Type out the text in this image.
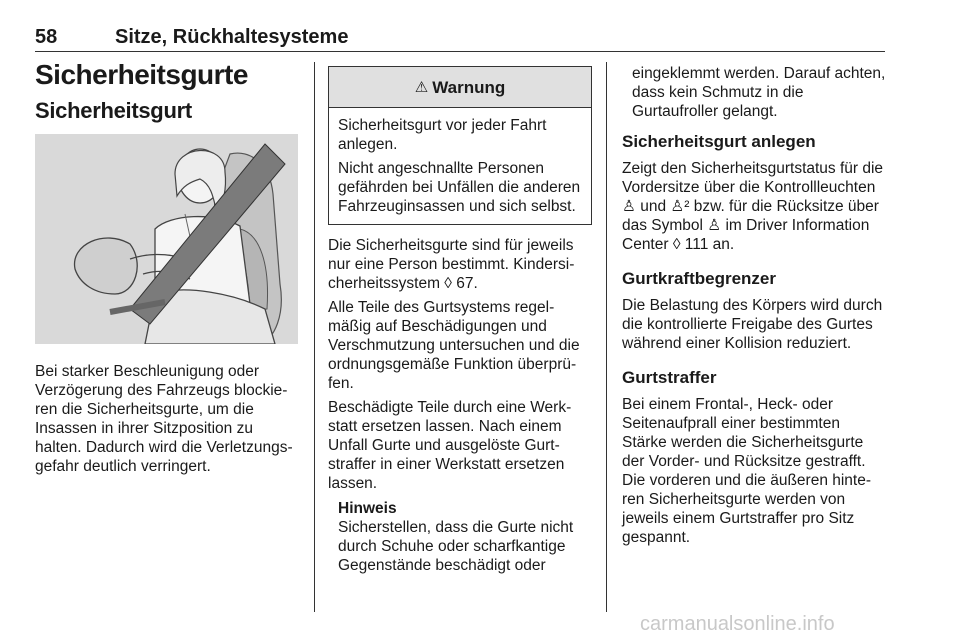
58	Sitze, Rückhaltesysteme
Sicherheitsgurte
Sicherheitsgurt

Bei starker Beschleunigung oder Verzögerung des Fahrzeugs blockieren die Sicherheitsgurte, um die Insassen in ihrer Sitzposition zu halten. Dadurch wird die Verletzungsgefahr deutlich verringert.

⚠ Warnung

Sicherheitsgurt vor jeder Fahrt anlegen.

Nicht angeschnallte Personen gefährden bei Unfällen die anderen Fahrzeuginsassen und sich selbst.

Die Sicherheitsgurte sind für jeweils nur eine Person bestimmt. Kindersicherheitssystem ◊ 67.

Alle Teile des Gurtsystems regelmäßig auf Beschädigungen und Verschmutzung untersuchen und die ordnungsgemäße Funktion überprüfen.

Beschädigte Teile durch eine Werkstatt ersetzen lassen. Nach einem Unfall Gurte und ausgelöste Gurtstraffer in einer Werkstatt ersetzen lassen.

Hinweis
Sicherstellen, dass die Gurte nicht durch Schuhe oder scharfkantige Gegenstände beschädigt oder

eingeklemmt werden. Darauf achten, dass kein Schmutz in die Gurtaufroller gelangt.

Sicherheitsgurt anlegen

Zeigt den Sicherheitsgurtstatus für die Vordersitze über die Kontrollleuchten ♙ und ♙² bzw. für die Rücksitze über das Symbol ♙ im Driver Information Center ◊ 111 an.

Gurtkraftbegrenzer

Die Belastung des Körpers wird durch die kontrollierte Freigabe des Gurtes während einer Kollision reduziert.

Gurtstraffer

Bei einem Frontal-, Heck- oder Seitenaufprall einer bestimmten Stärke werden die Sicherheitsgurte der Vorder- und Rücksitze gestrafft. Die vorderen und die äußeren hinteren Sicherheitsgurte werden von jeweils einem Gurtstraffer pro Sitz gespannt.

carmanualsonline.info
